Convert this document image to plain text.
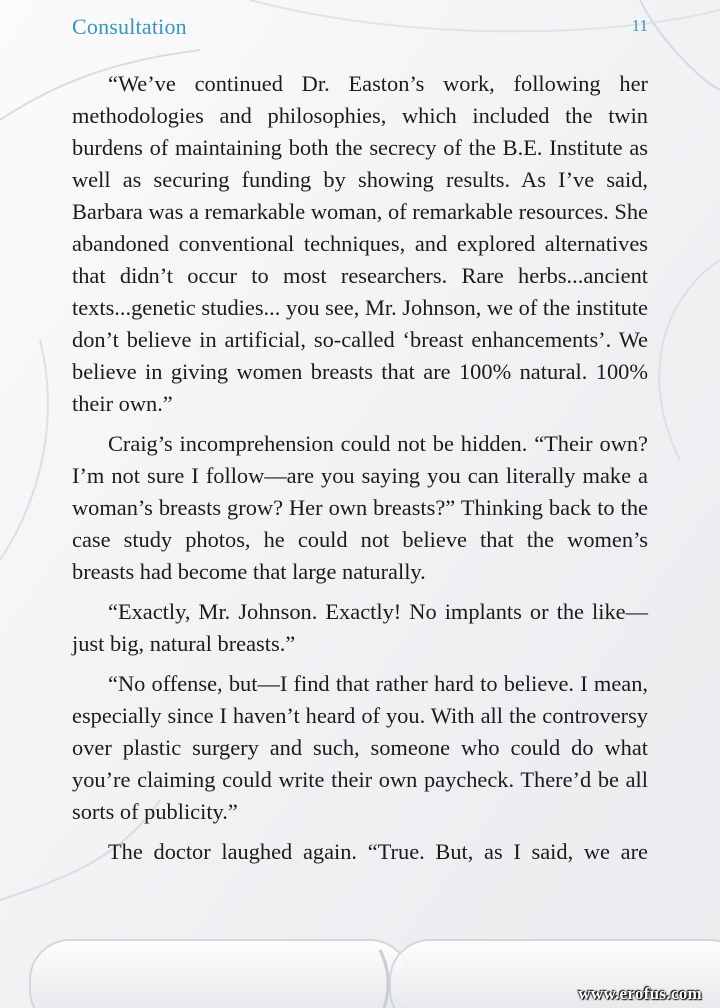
Consultation	11

“We’ve continued Dr. Easton’s work, following her methodologies and philosophies, which included the twin burdens of maintaining both the secrecy of the B.E. Institute as well as securing funding by showing results. As I’ve said, Barbara was a remarkable woman, of remarkable resources. She abandoned conventional techniques, and explored alternatives that didn’t occur to most researchers. Rare herbs...ancient texts...genetic studies... you see, Mr. Johnson, we of the institute don’t believe in artificial, so-called ‘breast enhancements’. We believe in giving women breasts that are 100% natural. 100% their own.”

Craig’s incomprehension could not be hidden. “Their own? I’m not sure I follow—are you saying you can literally make a woman’s breasts grow? Her own breasts?” Thinking back to the case study photos, he could not believe that the women’s breasts had become that large naturally.

“Exactly, Mr. Johnson. Exactly! No implants or the like—just big, natural breasts.”

“No offense, but—I find that rather hard to believe. I mean, especially since I haven’t heard of you. With all the controversy over plastic surgery and such, someone who could do what you’re claiming could write their own paycheck. There’d be all sorts of publicity.”

The doctor laughed again. “True. But, as I said, we are

www.erofus.com
